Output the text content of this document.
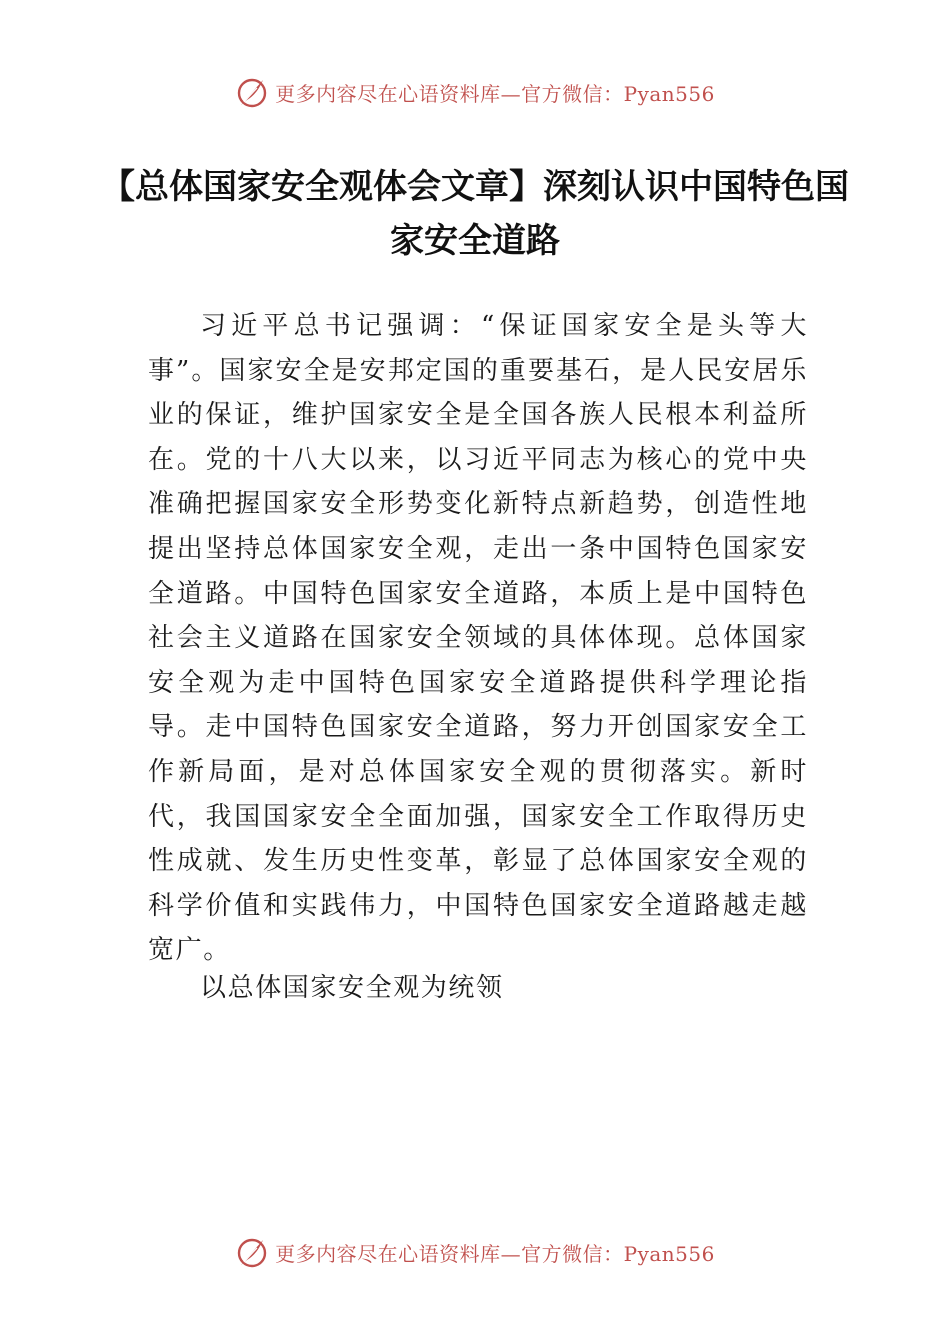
更多内容尽在心语资料库—官方微信：Pyan556
【总体国家安全观体会文章】深刻认识中国特色国家安全道路

习近平总书记强调：“保证国家安全是头等大事”。国家安全是安邦定国的重要基石，是人民安居乐业的保证，维护国家安全是全国各族人民根本利益所在。党的十八大以来，以习近平同志为核心的党中央准确把握国家安全形势变化新特点新趋势，创造性地提出坚持总体国家安全观，走出一条中国特色国家安全道路。中国特色国家安全道路，本质上是中国特色社会主义道路在国家安全领域的具体体现。总体国家安全观为走中国特色国家安全道路提供科学理论指导。走中国特色国家安全道路，努力开创国家安全工作新局面，是对总体国家安全观的贯彻落实。新时代，我国国家安全全面加强，国家安全工作取得历史性成就、发生历史性变革，彰显了总体国家安全观的科学价值和实践伟力，中国特色国家安全道路越走越宽广。

以总体国家安全观为统领

更多内容尽在心语资料库—官方微信：Pyan556
